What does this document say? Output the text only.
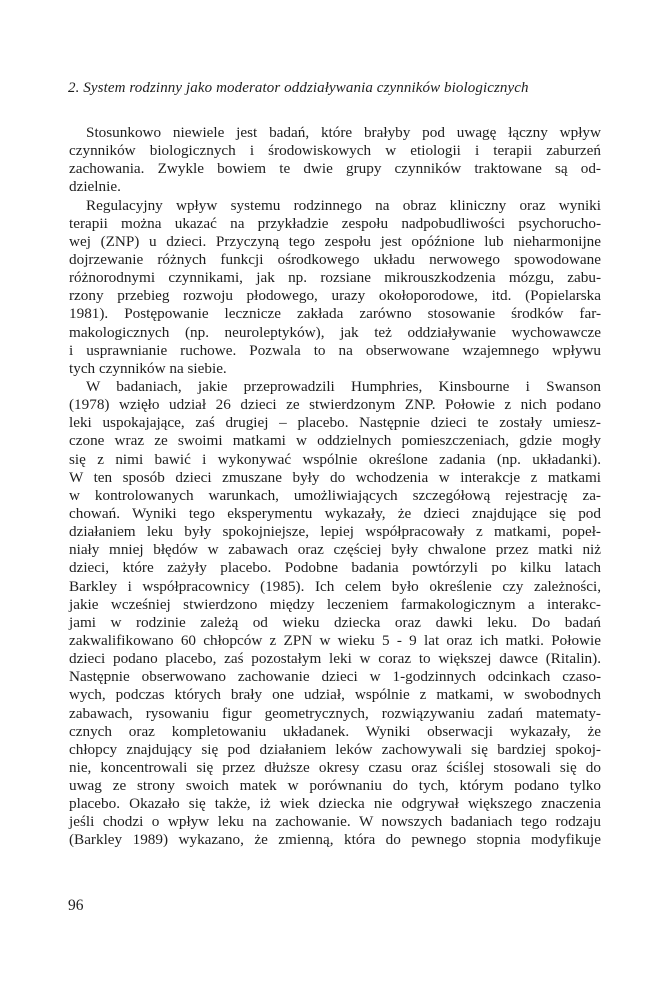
2. System rodzinny jako moderator oddziaływania czynników biologicznych

Stosunkowo niewiele jest badań, które brałyby pod uwagę łączny wpływ
czynników biologicznych i środowiskowych w etiologii i terapii zaburzeń
zachowania. Zwykle bowiem te dwie grupy czynników traktowane są od-
dzielnie.

Regulacyjny wpływ systemu rodzinnego na obraz kliniczny oraz wyniki
terapii można ukazać na przykładzie zespołu nadpobudliwości psychorucho-
wej (ZNP) u dzieci. Przyczyną tego zespołu jest opóźnione lub nieharmonijne
dojrzewanie różnych funkcji ośrodkowego układu nerwowego spowodowane
różnorodnymi czynnikami, jak np. rozsiane mikrouszkodzenia mózgu, zabu-
rzony przebieg rozwoju płodowego, urazy okołoporodowe, itd. (Popielarska
1981). Postępowanie lecznicze zakłada zarówno stosowanie środków far-
makologicznych (np. neuroleptyków), jak też oddziaływanie wychowawcze
i usprawnianie ruchowe. Pozwala to na obserwowane wzajemnego wpływu
tych czynników na siebie.

W badaniach, jakie przeprowadzili Humphries, Kinsbourne i Swanson
(1978) wzięło udział 26 dzieci ze stwierdzonym ZNP. Połowie z nich podano
leki uspokajające, zaś drugiej – placebo. Następnie dzieci te zostały umiesz-
czone wraz ze swoimi matkami w oddzielnych pomieszczeniach, gdzie mogły
się z nimi bawić i wykonywać wspólnie określone zadania (np. układanki).
W ten sposób dzieci zmuszane były do wchodzenia w interakcje z matkami
w kontrolowanych warunkach, umożliwiających szczegółową rejestrację za-
chowań. Wyniki tego eksperymentu wykazały, że dzieci znajdujące się pod
działaniem leku były spokojniejsze, lepiej współpracowały z matkami, popeł-
niały mniej błędów w zabawach oraz częściej były chwalone przez matki niż
dzieci, które zażyły placebo. Podobne badania powtórzyli po kilku latach
Barkley i współpracownicy (1985). Ich celem było określenie czy zależności,
jakie wcześniej stwierdzono między leczeniem farmakologicznym a interakc-
jami w rodzinie zależą od wieku dziecka oraz dawki leku. Do badań
zakwalifikowano 60 chłopców z ZPN w wieku 5 - 9 lat oraz ich matki. Połowie
dzieci podano placebo, zaś pozostałym leki w coraz to większej dawce (Ritalin).
Następnie obserwowano zachowanie dzieci w 1-godzinnych odcinkach czaso-
wych, podczas których brały one udział, wspólnie z matkami, w swobodnych
zabawach, rysowaniu figur geometrycznych, rozwiązywaniu zadań matematy-
cznych oraz kompletowaniu układanek. Wyniki obserwacji wykazały, że
chłopcy znajdujący się pod działaniem leków zachowywali się bardziej spokoj-
nie, koncentrowali się przez dłuższe okresy czasu oraz ściślej stosowali się do
uwag ze strony swoich matek w porównaniu do tych, którym podano tylko
placebo. Okazało się także, iż wiek dziecka nie odgrywał większego znaczenia
jeśli chodzi o wpływ leku na zachowanie. W nowszych badaniach tego rodzaju
(Barkley 1989) wykazano, że zmienną, która do pewnego stopnia modyfikuje

96
